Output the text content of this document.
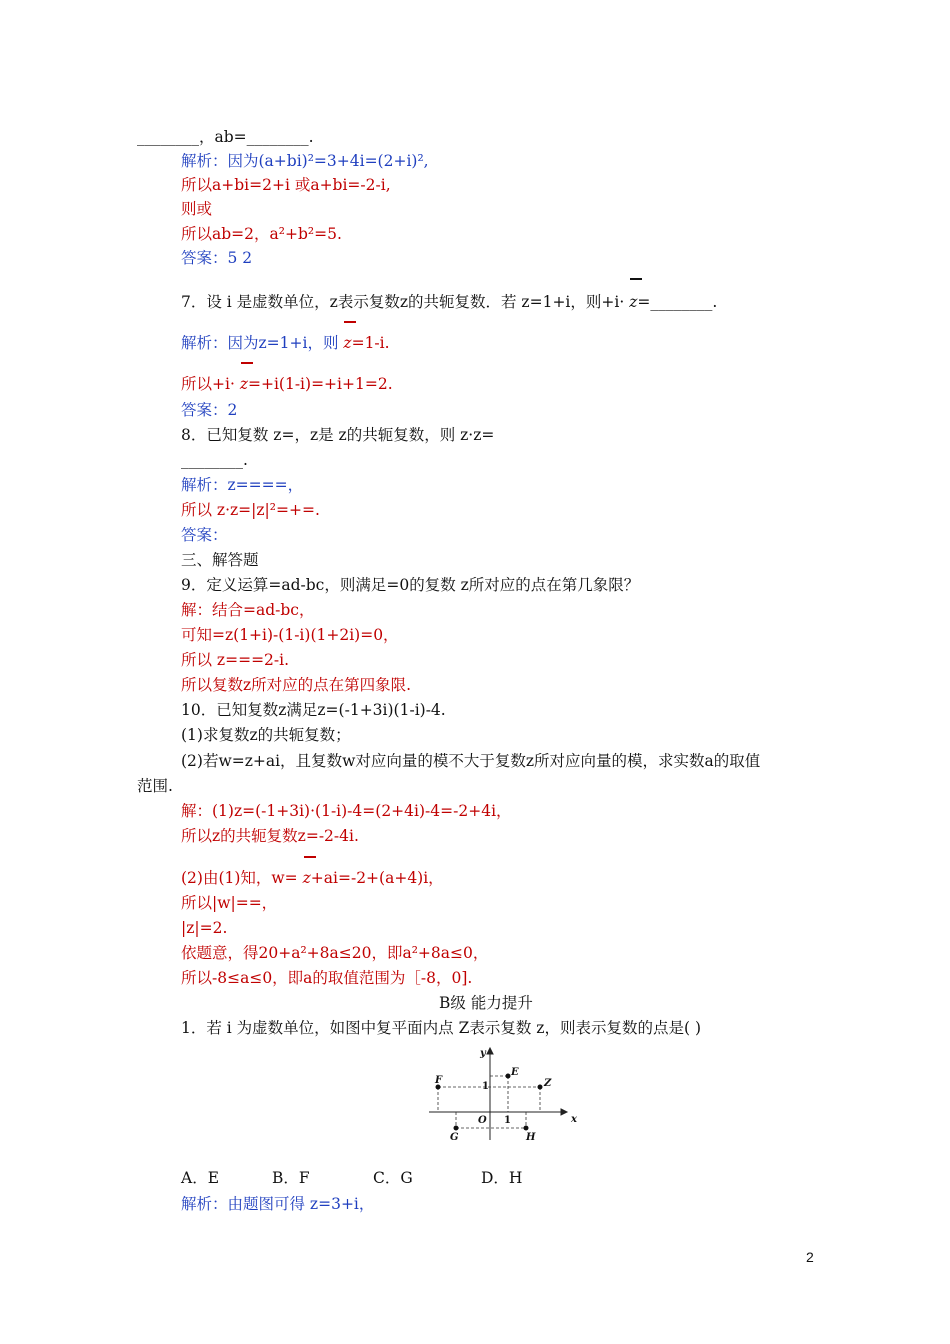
________，ab=________.
解析：因为(a+bi)²=3+4i=(2+i)²,
所以a+bi=2+i 或a+bi=-2-i,
则或
所以ab=2，a²+b²=5.
答案：5 2
7．设 i 是虚数单位，z表示复数z的共轭复数．若 z=1+i，则+i· z=________.
解析：因为z=1+i，则 z=1-i.
所以+i· z=+i(1-i)=+i+1=2.
答案：2
8．已知复数 z=，z是 z的共轭复数，则 z·z=
________.
解析：z====，
所以 z·z=|z|²=+=.
答案：
三、解答题
9．定义运算=ad-bc，则满足=0的复数 z所对应的点在第几象限？
解：结合=ad-bc，
可知=z(1+i)-(1-i)(1+2i)=0，
所以 z===2-i.
所以复数z所对应的点在第四象限.
10．已知复数z满足z=(-1+3i)(1-i)-4.
(1)求复数z的共轭复数；
(2)若w=z+ai，且复数w对应向量的模不大于复数z所对应向量的模，求实数a的取值
范围.
解：(1)z=(-1+3i)·(1-i)-4=(2+4i)-4=-2+4i，
所以z的共轭复数z=-2-4i.
(2)由(1)知，w= z+ai=-2+(a+4)i，
所以|w|==，
|z|=2.
依题意，得20+a²+8a≤20，即a²+8a≤0，
所以-8≤a≤0，即a的取值范围为［-8，0].
B级 能力提升
1．若 i 为虚数单位，如图中复平面内点 Z表示复数 z，则表示复数的点是( )
x
y
O
E
F	Z
G	H
1
1
A．E	B．F	C．G	D．H
解析：由题图可得 z=3+i，
2
